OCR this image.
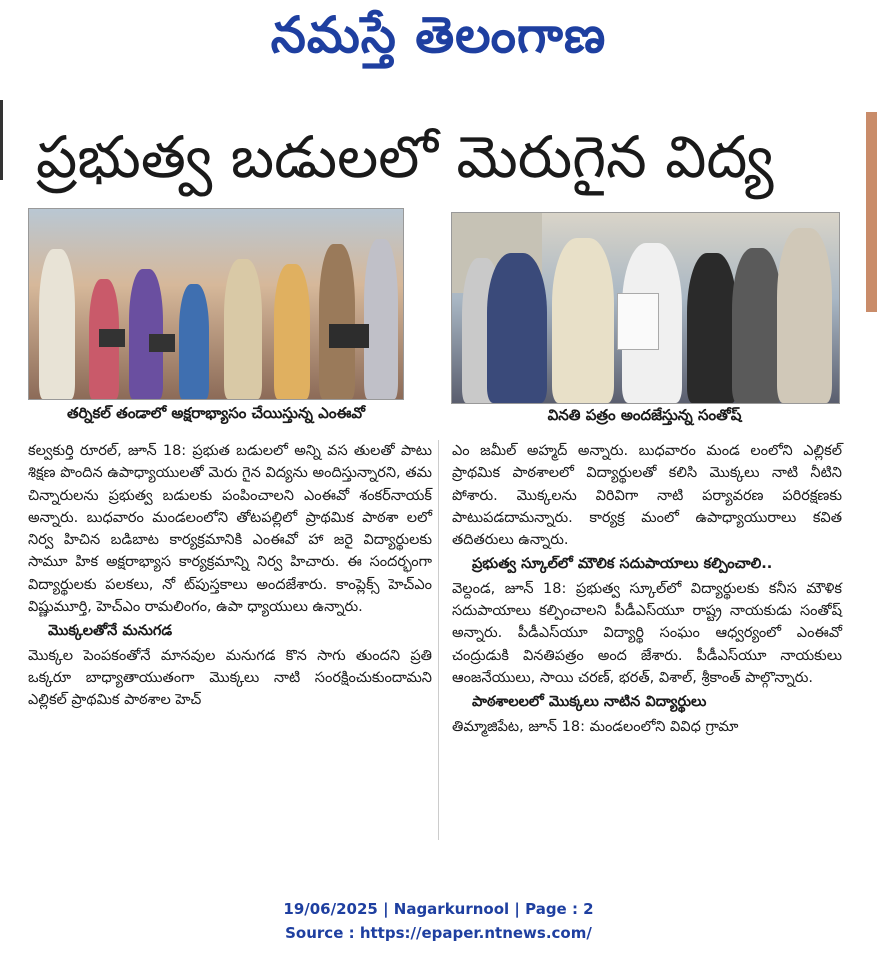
నమస్తే తెలంగాణ
ప్రభుత్వ బడులలో మెరుగైన విద్య
తర్నికల్ తండాలో అక్షరాభ్యాసం చేయిస్తున్న ఎంఈవో	వినతి పత్రం అందజేస్తున్న సంతోష్

కల్వకుర్తి రూరల్, జూన్ 18: ప్రభుత బడులలో అన్ని వస తులతో పాటు శిక్షణ పొందిన ఉపాధ్యాయులతో మెరు గైన విద్యను అందిస్తున్నారని, తమ చిన్నారులను ప్రభుత్వ బడులకు పంపించాలని ఎంఈవో శంకర్‌నాయక్ అన్నారు. బుధవారం మండలంలోని తోటపల్లిలో ప్రాథమిక పాఠశా లలో నిర్వ హిచిన బడిబాట కార్యక్రమానికి ఎంఈవో హా జరై విద్యార్థులకు సామూ హిక అక్షరాభ్యాస కార్యక్రమాన్ని నిర్వ హిచారు. ఈ సందర్భంగా విద్యార్థులకు పలకలు, నో ట్‌పుస్తకాలు అందజేశారు. కాంప్లెక్స్ హెచ్‌ఎం విష్ణుమూర్తి, హెచ్‌ఎం రామలింగం, ఉపా ధ్యాయులు ఉన్నారు.

మొక్కలతోనే మనుగడ

మొక్కల పెంపకంతోనే మానవుల మనుగడ కొన సాగు తుందని ప్రతి ఒక్కరూ బాధ్యాతాయుతంగా మొక్కలు నాటి సంరక్షించుకుందామని ఎల్లికల్ ప్రాథమిక పాఠశాల హెచ్

ఎం జమీల్ అహ్మద్ అన్నారు. బుధవారం మండ లంలోని ఎల్లికల్ ప్రాథమిక పాఠశాలలో విద్యార్థులతో కలిసి మొక్కలు నాటి నీటిని పోశారు. మొక్కలను విరివిగా నాటి పర్యావరణ పరిరక్షణకు పాటుపడదామన్నారు. కార్యక్ర మంలో ఉపాధ్యాయురాలు కవిత తదితరులు ఉన్నారు.

ప్రభుత్వ స్కూల్‌లో మౌలిక సదుపాయాలు కల్పించాలి..

వెల్దండ, జూన్ 18: ప్రభుత్వ స్కూల్‌లో విద్యార్థులకు కనీస మౌళిక సదుపాయాలు కల్పించాలని పీడీఎస్‌యూ రాష్ట్ర నాయకుడు సంతోష్ అన్నారు. పీడీఎస్‌యూ విద్యార్థి సంఘం ఆధ్వర్యంలో ఎంఈవో చంద్రుడుకి వినతిపత్రం అంద జేశారు. పీడీఎస్‌యూ నాయకులు ఆంజనేయులు, సాయి చరణ్, భరత్, విశాల్, శ్రీకాంత్ పాల్గొన్నారు.

పాఠశాలలలో మొక్కలు నాటిన విద్యార్థులు

తిమ్మాజిపేట, జూన్ 18: మండలంలోని వివిధ గ్రామా

19/06/2025 | Nagarkurnool | Page : 2
Source : https://epaper.ntnews.com/
